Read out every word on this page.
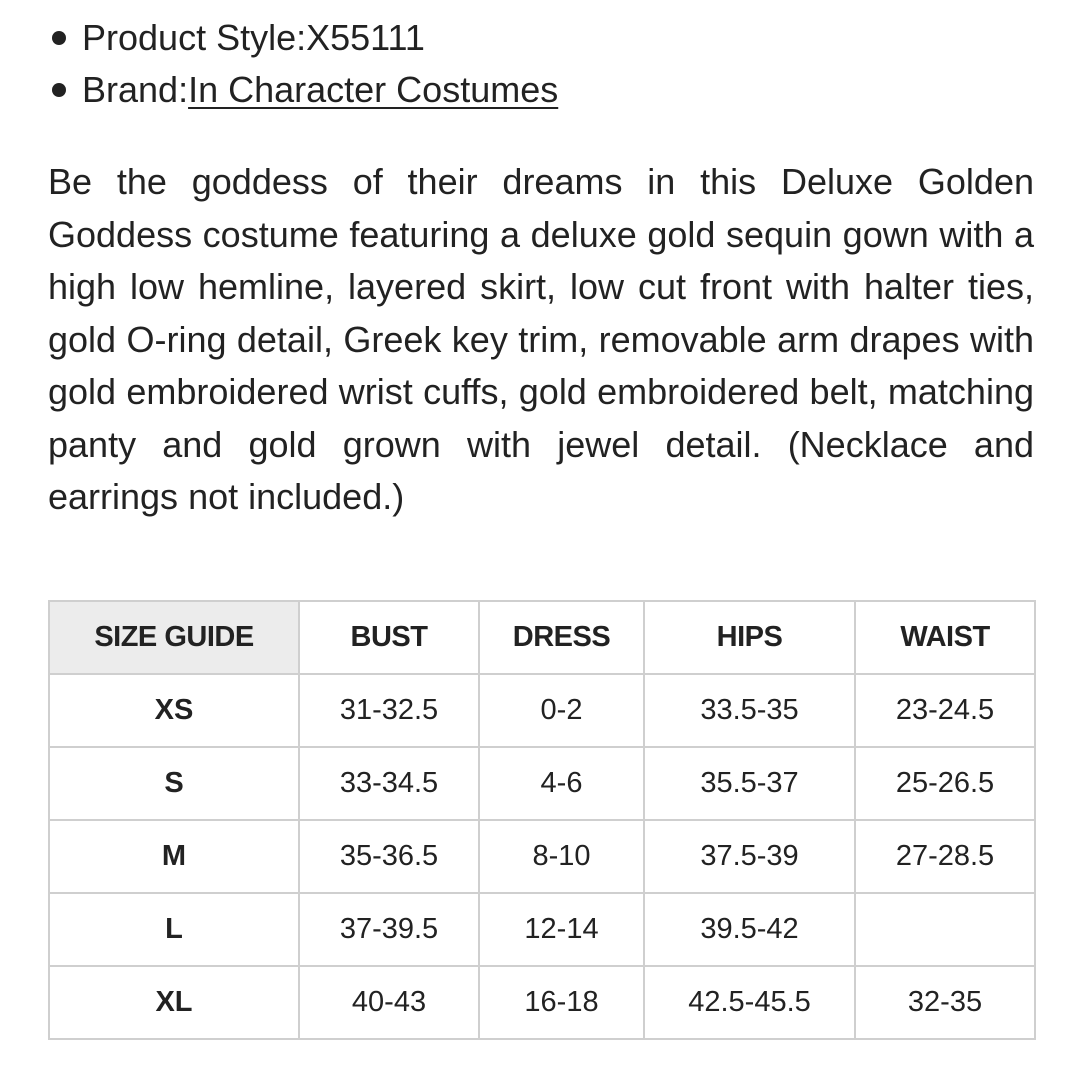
Product Style: X55111
Brand: In Character Costumes

Be the goddess of their dreams in this Deluxe Golden Goddess costume featuring a deluxe gold sequin gown with a high low hemline, layered skirt, low cut front with halter ties, gold O-ring detail, Greek key trim, removable arm drapes with gold embroidered wrist cuffs, gold embroidered belt, matching panty and gold grown with jewel detail. (Necklace and earrings not included.)

SIZE GUIDE	BUST	DRESS	HIPS	WAIST
XS	31-32.5	0-2	33.5-35	23-24.5
S	33-34.5	4-6	35.5-37	25-26.5
M	35-36.5	8-10	37.5-39	27-28.5
L	37-39.5	12-14	39.5-42	
XL	40-43	16-18	42.5-45.5	32-35
